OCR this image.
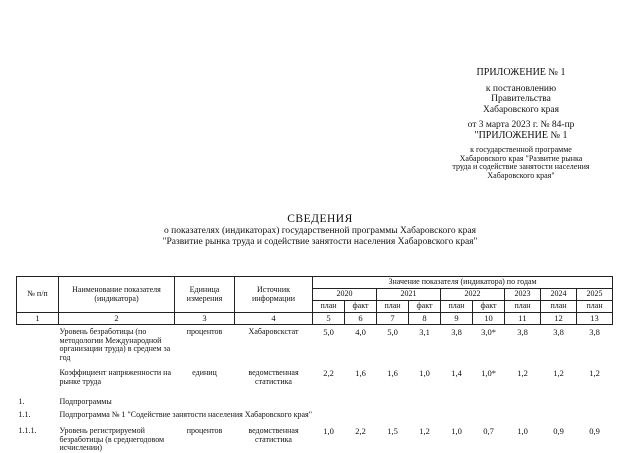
ПРИЛОЖЕНИЕ № 1
к постановлению
Правительства
Хабаровского края
от 3 марта 2023 г. № 84-пр
"ПРИЛОЖЕНИЕ № 1
к государственной программе
Хабаровского края "Развитие рынка
труда и содействие занятости населения
Хабаровского края"
СВЕДЕНИЯ
о показателях (индикаторах) государственной программы Хабаровского края
"Развитие рынка труда и содействие занятости населения Хабаровского края"
№ п/п	Наименование показателя (индикатора)	Единица измерения	Источник информации	Значение показателя (индикатора) по годам								
				2020		2021		2022		2023	2024	2025
				план	факт	план	факт	план	факт	план	план	план
1	2	3	4	5	6	7	8	9	10	11	12	13
	Уровень безработицы (по методологии Международной организации труда) в среднем за год	процентов	Хабаровскстат	5,0	4,0	5,0	3,1	3,8	3,0*	3,8	3,8	3,8
	Коэффициент напряженности на рынке труда	единиц	ведомственная статистика	2,2	1,6	1,6	1,0	1,4	1,0*	1,2	1,2	1,2
1.	Подпрограммы											
1.1.	Подпрограмма № 1 "Содействие занятости населения Хабаровского края"											
1.1.1.	Уровень регистрируемой безработицы (в среднегодовом исчислении)	процентов	ведомственная статистика	1,0	2,2	1,5	1,2	1,0	0,7	1,0	0,9	0,9
